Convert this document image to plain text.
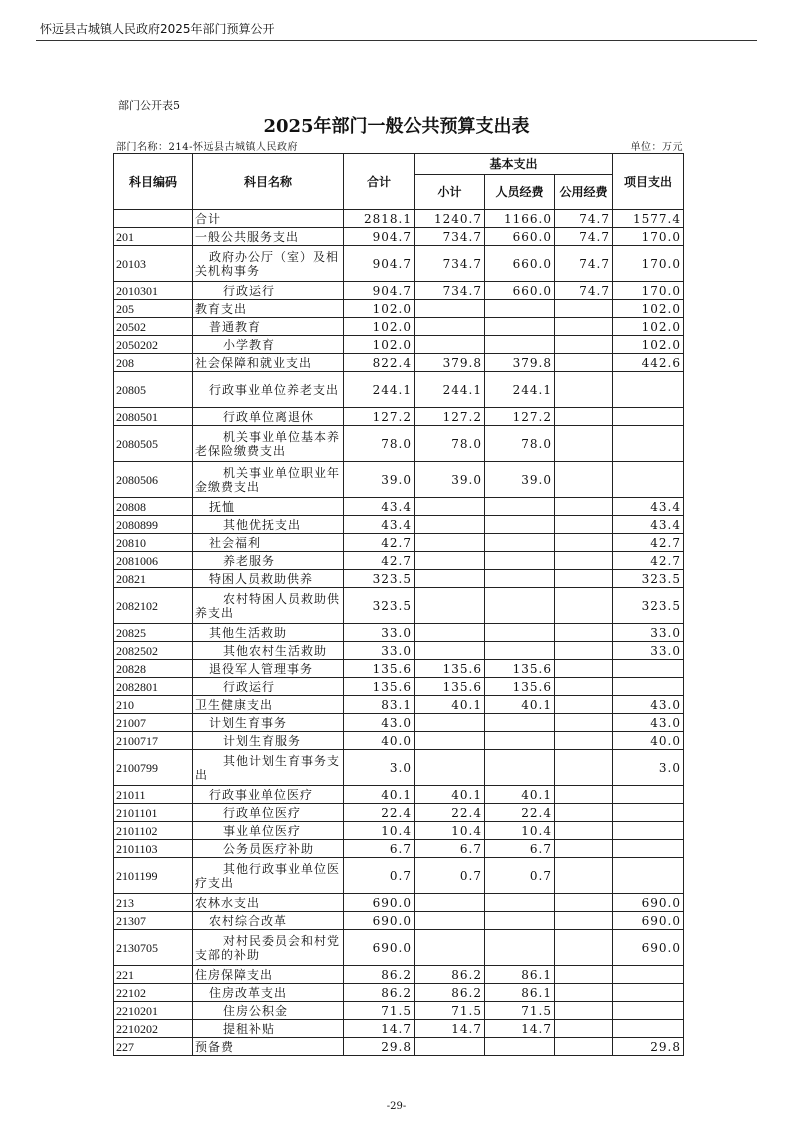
怀远县古城镇人民政府2025年部门预算公开
部门公开表5
2025年部门一般公共预算支出表
部门名称：214-怀远县古城镇人民政府	单位：万元
科目编码	科目名称	合计	基本支出			项目支出
			小计	人员经费	公用经费	
	合计	2818.1	1240.7	1166.0	74.7	1577.4
201	一般公共服务支出	904.7	734.7	660.0	74.7	170.0
20103	政府办公厅（室）及相关机构事务	904.7	734.7	660.0	74.7	170.0
2010301	行政运行	904.7	734.7	660.0	74.7	170.0
205	教育支出	102.0				102.0
20502	普通教育	102.0				102.0
2050202	小学教育	102.0				102.0
208	社会保障和就业支出	822.4	379.8	379.8		442.6
20805	行政事业单位养老支出	244.1	244.1	244.1		
2080501	行政单位离退休	127.2	127.2	127.2		
2080505	机关事业单位基本养老保险缴费支出	78.0	78.0	78.0		
2080506	机关事业单位职业年金缴费支出	39.0	39.0	39.0		
20808	抚恤	43.4				43.4
2080899	其他优抚支出	43.4				43.4
20810	社会福利	42.7				42.7
2081006	养老服务	42.7				42.7
20821	特困人员救助供养	323.5				323.5
2082102	农村特困人员救助供养支出	323.5				323.5
20825	其他生活救助	33.0				33.0
2082502	其他农村生活救助	33.0				33.0
20828	退役军人管理事务	135.6	135.6	135.6		
2082801	行政运行	135.6	135.6	135.6		
210	卫生健康支出	83.1	40.1	40.1		43.0
21007	计划生育事务	43.0				43.0
2100717	计划生育服务	40.0				40.0
2100799	其他计划生育事务支出	3.0				3.0
21011	行政事业单位医疗	40.1	40.1	40.1		
2101101	行政单位医疗	22.4	22.4	22.4		
2101102	事业单位医疗	10.4	10.4	10.4		
2101103	公务员医疗补助	6.7	6.7	6.7		
2101199	其他行政事业单位医疗支出	0.7	0.7	0.7		
213	农林水支出	690.0				690.0
21307	农村综合改革	690.0				690.0
2130705	对村民委员会和村党支部的补助	690.0				690.0
221	住房保障支出	86.2	86.2	86.1		
22102	住房改革支出	86.2	86.2	86.1		
2210201	住房公积金	71.5	71.5	71.5		
2210202	提租补贴	14.7	14.7	14.7		
227	预备费	29.8				29.8
-29-
